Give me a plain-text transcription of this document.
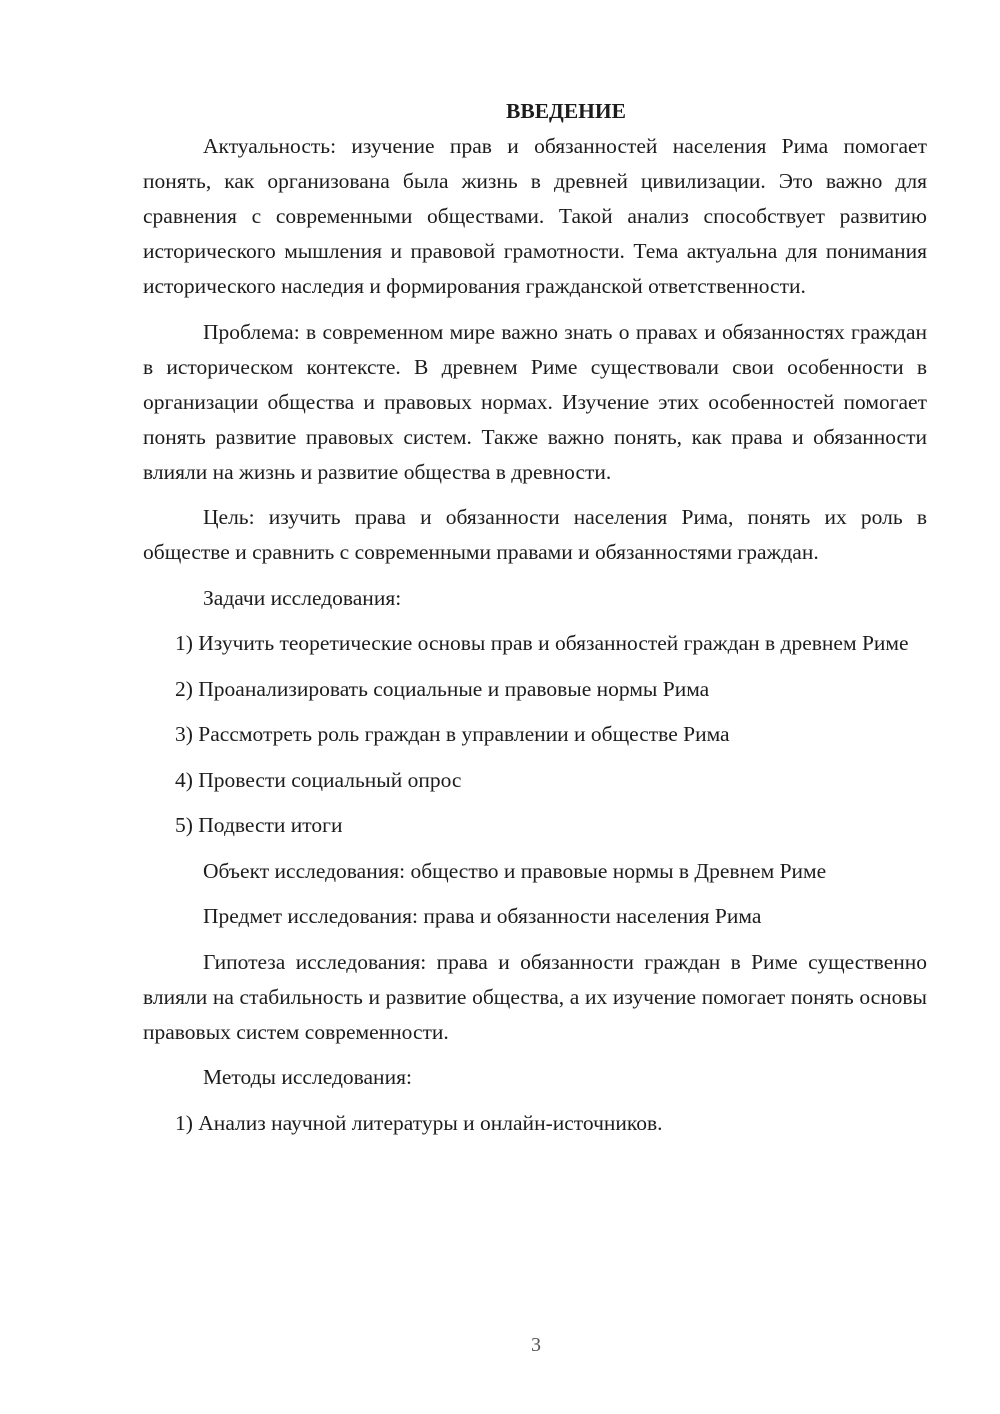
ВВЕДЕНИЕ

Актуальность: изучение прав и обязанностей населения Рима помогает понять, как организована была жизнь в древней цивилизации. Это важно для сравнения с современными обществами. Такой анализ способствует развитию исторического мышления и правовой грамотности. Тема актуальна для понимания исторического наследия и формирования гражданской ответственности.

Проблема: в современном мире важно знать о правах и обязанностях граждан в историческом контексте. В древнем Риме существовали свои особенности в организации общества и правовых нормах. Изучение этих особенностей помогает понять развитие правовых систем. Также важно понять, как права и обязанности влияли на жизнь и развитие общества в древности.

Цель: изучить права и обязанности населения Рима, понять их роль в обществе и сравнить с современными правами и обязанностями граждан.

Задачи исследования:

1) Изучить теоретические основы прав и обязанностей граждан в древнем Риме

2) Проанализировать социальные и правовые нормы Рима

3) Рассмотреть роль граждан в управлении и обществе Рима

4) Провести социальный опрос

5) Подвести итоги

Объект исследования: общество и правовые нормы в Древнем Риме

Предмет исследования: права и обязанности населения Рима

Гипотеза исследования: права и обязанности граждан в Риме существенно влияли на стабильность и развитие общества, а их изучение помогает понять основы правовых систем современности.

Методы исследования:

1) Анализ научной литературы и онлайн-источников.

3
